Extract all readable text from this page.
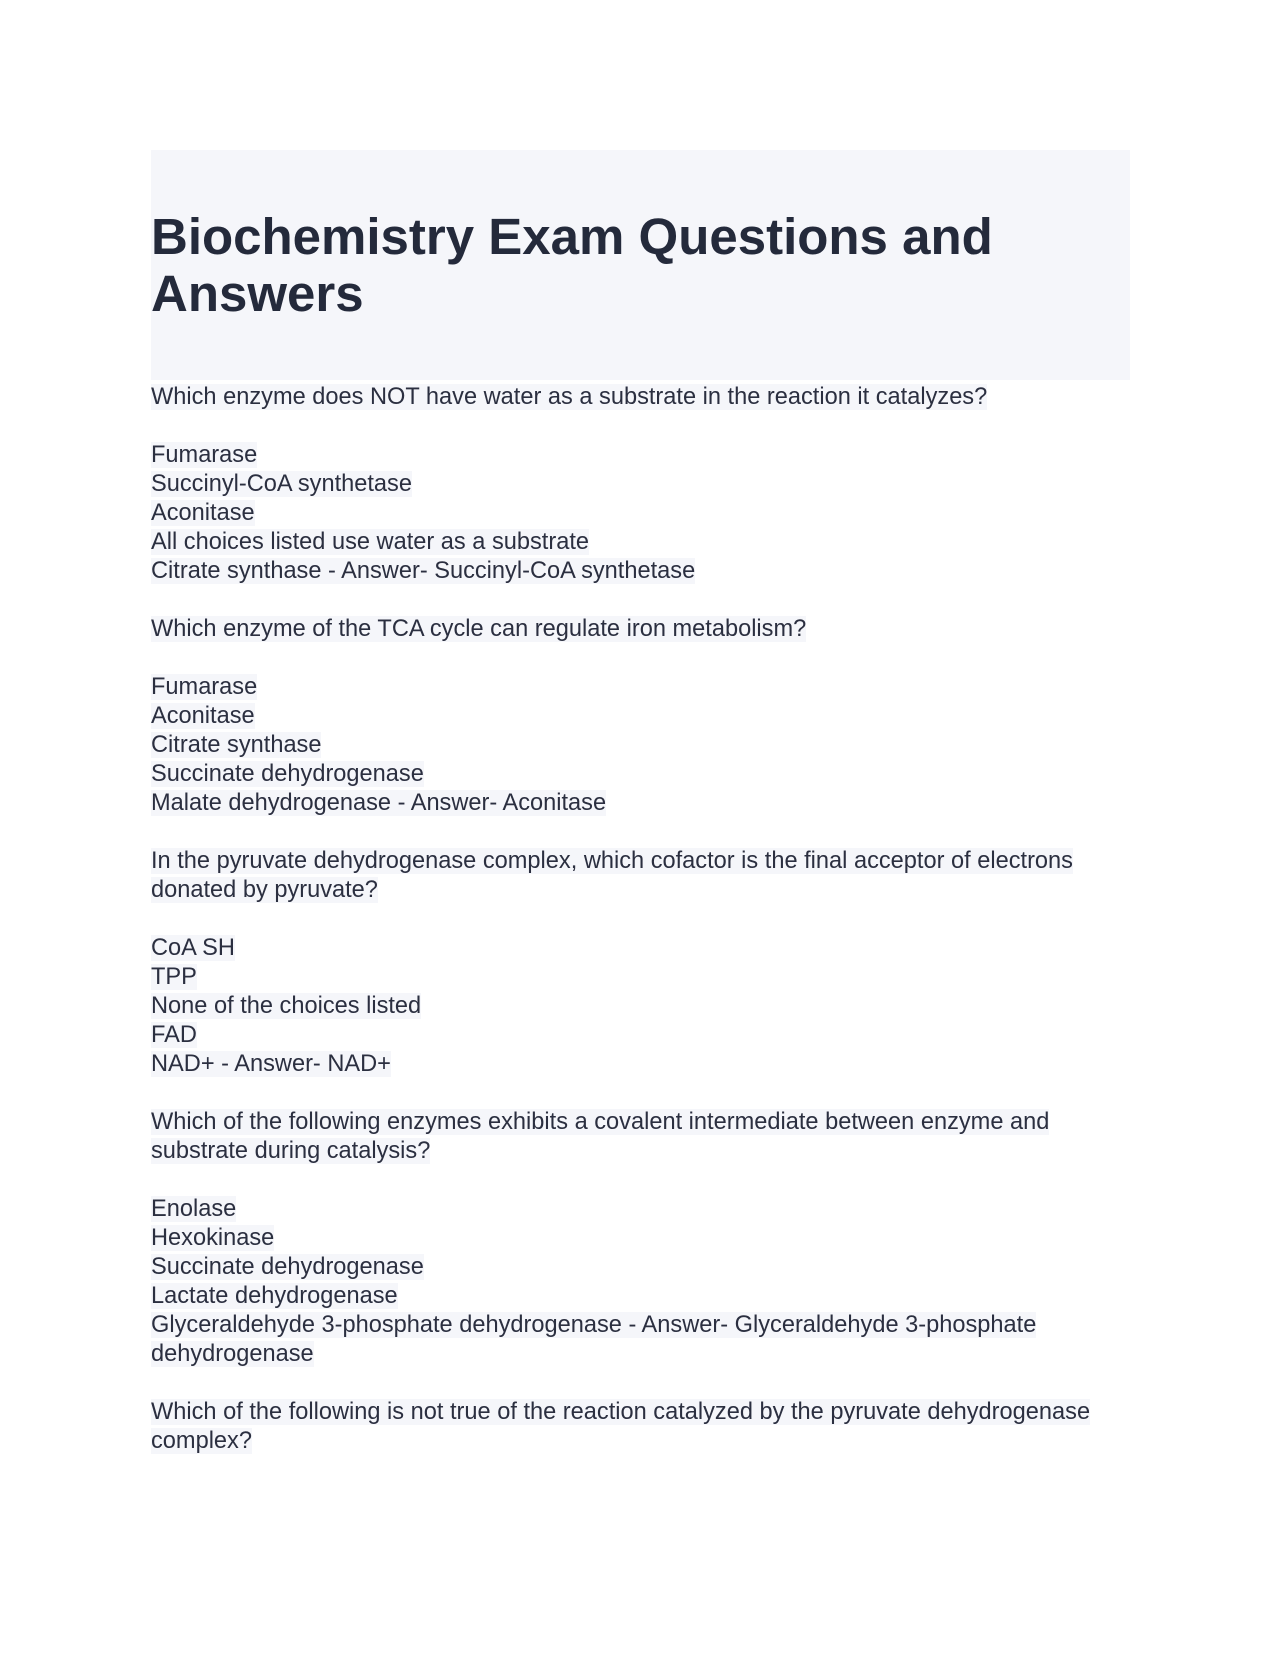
Biochemistry Exam Questions and Answers
Which enzyme does NOT have water as a substrate in the reaction it catalyzes?
Fumarase
Succinyl-CoA synthetase
Aconitase
All choices listed use water as a substrate
Citrate synthase - Answer- Succinyl-CoA synthetase
Which enzyme of the TCA cycle can regulate iron metabolism?
Fumarase
Aconitase
Citrate synthase
Succinate dehydrogenase
Malate dehydrogenase - Answer- Aconitase
In the pyruvate dehydrogenase complex, which cofactor is the final acceptor of electrons donated by pyruvate?
CoA SH
TPP
None of the choices listed
FAD
NAD+ - Answer- NAD+
Which of the following enzymes exhibits a covalent intermediate between enzyme and substrate during catalysis?
Enolase
Hexokinase
Succinate dehydrogenase
Lactate dehydrogenase
Glyceraldehyde 3-phosphate dehydrogenase - Answer- Glyceraldehyde 3-phosphate dehydrogenase
Which of the following is not true of the reaction catalyzed by the pyruvate dehydrogenase complex?
